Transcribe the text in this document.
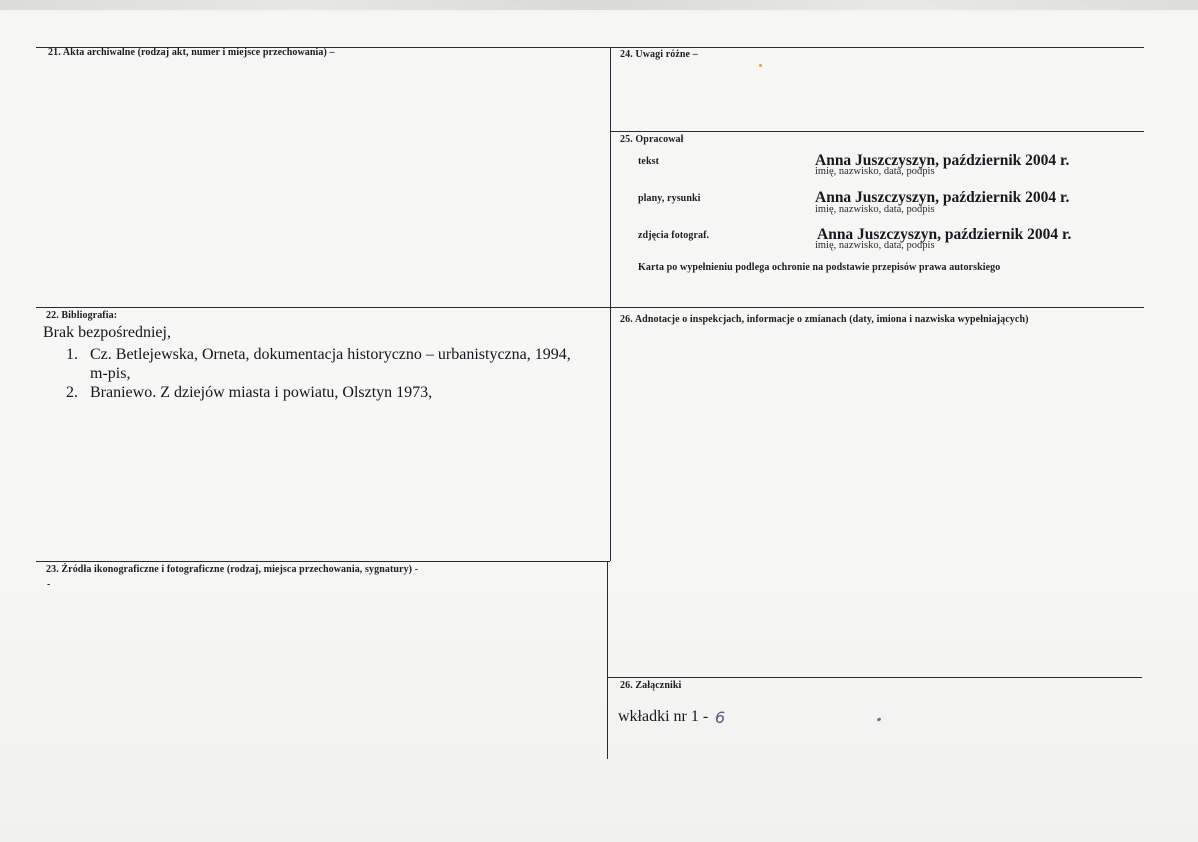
21. Akta archiwalne (rodzaj akt, numer i miejsce przechowania) –	24. Uwagi różne –
25. Opracował
tekst	Anna Juszczyszyn, październik 2004 r.
imię, nazwisko, data, podpis
plany, rysunki	Anna Juszczyszyn, październik 2004 r.
imię, nazwisko, data, podpis
zdjęcia fotograf.	Anna Juszczyszyn, październik 2004 r.
imię, nazwisko, data, podpis
Karta po wypełnieniu podlega ochronie na podstawie przepisów prawa autorskiego
22. Bibliografia:
Brak bezpośredniej,
1. Cz. Betlejewska, Orneta, dokumentacja historyczno – urbanistyczna, 1994,
m-pis,
2. Braniewo. Z dziejów miasta i powiatu, Olsztyn 1973,
26. Adnotacje o inspekcjach, informacje o zmianach (daty, imiona i nazwiska wypełniających)
23. Źródła ikonograficzne i fotograficzne (rodzaj, miejsca przechowania, sygnatury) -
-
26. Załączniki
wkładki nr 1 - 6
